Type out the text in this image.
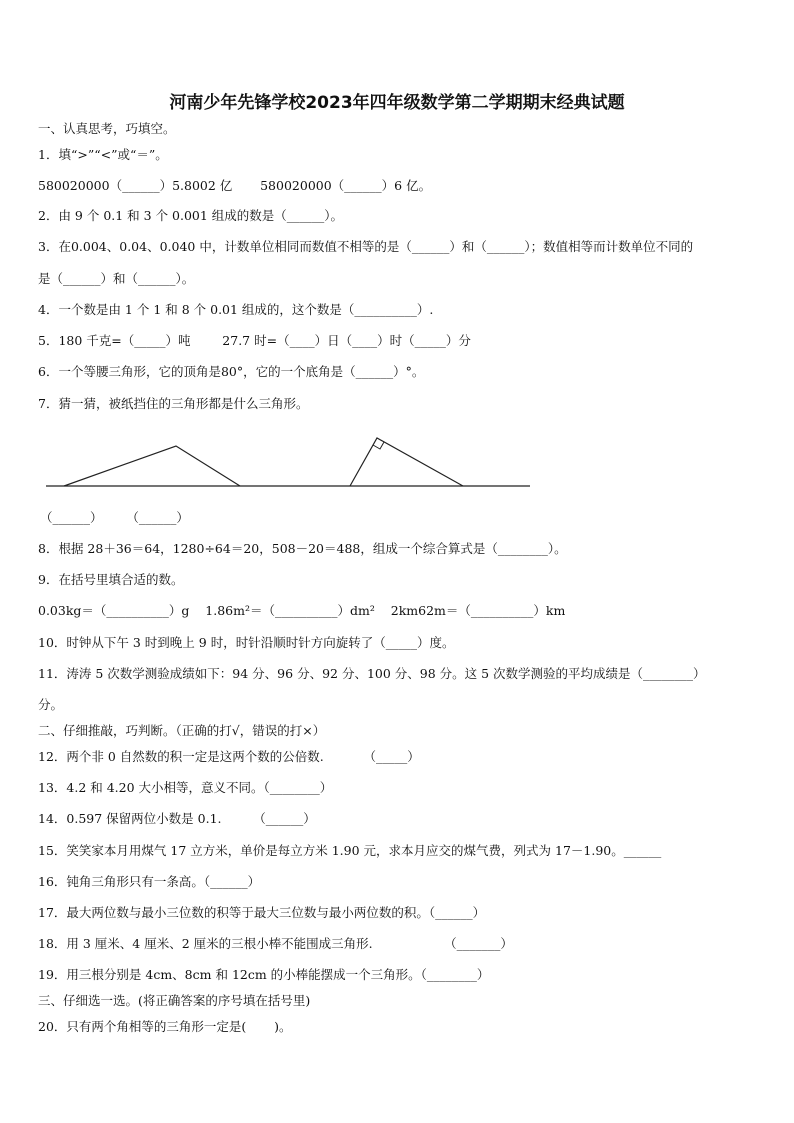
河南少年先锋学校2023年四年级数学第二学期期末经典试题
一、认真思考，巧填空。
1．填“>”“<”或“＝”。
580020000（______）5.8002 亿       580020000（______）6 亿。
2．由 9 个 0.1 和 3 个 0.001 组成的数是（______）。
3．在0.004、0.04、0.040 中，计数单位相同而数值不相等的是（______）和（______）；数值相等而计数单位不同的
是（______）和（______）。
4．一个数是由 1 个 1 和 8 个 0.01 组成的，这个数是（__________）.
5．180 千克=（_____）吨        27.7 时=（____）日（____）时（_____）分
6．一个等腰三角形，它的顶角是80°，它的一个底角是（______）°。
7．猜一猜，被纸挡住的三角形都是什么三角形。
（______）      （______）
8．根据 28＋36＝64，1280÷64＝20，508－20＝488，组成一个综合算式是（________）。
9．在括号里填合适的数。
0.03kg＝（__________）g    1.86m²＝（__________）dm²    2km62m＝（__________）km
10．时钟从下午 3 时到晚上 9 时，时针沿顺时针方向旋转了（_____）度。
11．涛涛 5 次数学测验成绩如下：94 分、96 分、92 分、100 分、98 分。这 5 次数学测验的平均成绩是（________）
分。
二、仔细推敲，巧判断。（正确的打√，错误的打×）
12．两个非 0 自然数的积一定是这两个数的公倍数.          （_____）
13．4.2 和 4.20 大小相等，意义不同。（________）
14．0.597 保留两位小数是 0.1.        （______）
15．笑笑家本月用煤气 17 立方米，单价是每立方米 1.90 元，求本月应交的煤气费，列式为 17－1.90。______
16．钝角三角形只有一条高。（______）
17．最大两位数与最小三位数的积等于最大三位数与最小两位数的积。（______）
18．用 3 厘米、4 厘米、2 厘米的三根小棒不能围成三角形.                  （_______）
19．用三根分别是 4cm、8cm 和 12cm 的小棒能摆成一个三角形。（________）
三、仔细选一选。(将正确答案的序号填在括号里)
20．只有两个角相等的三角形一定是(       )。
